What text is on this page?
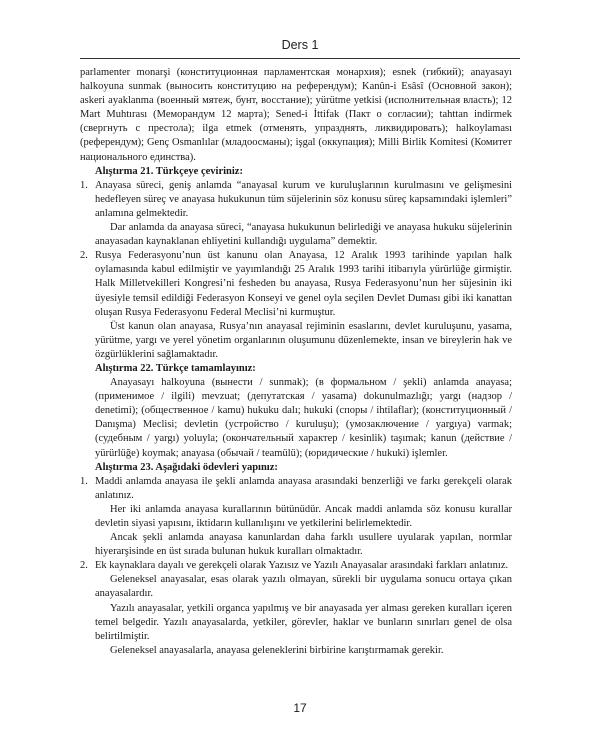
Ders 1

parlamenter monarşi (конституционная парламентская монархия); esnek (гибкий); anayasayı halkoyuna sunmak (выносить конституцию на референдум); Kanûn-i Esâsî (Основной закон); askeri ayaklanma (военный мятеж, бунт, восстание); yürütme yetkisi (исполнительная власть); 12 Mart Muhtırası (Меморандум 12 марта); Sened-i İttifak (Пакт о согласии); tahttan indirmek (свергнуть с престола); ilga etmek (отменять, упразднять, ликвидировать); halkoylaması (референдум); Genç Osmanlılar (младоосманы); işgal (оккупация); Milli Birlik Komitesi (Комитет национального единства).

Alıştırma 21. Türkçeye çeviriniz:

1. Anayasa süreci, geniş anlamda “anayasal kurum ve kuruluşlarının kurulmasını ve gelişmesini hedefleyen süreç ve anayasa hukukunun tüm süjelerinin söz konusu süreç kapsamındaki işlemleri” anlamına gelmektedir.

Dar anlamda da anayasa süreci, “anayasa hukukunun belirlediği ve anayasa hukuku süjelerinin anayasadan kaynaklanan ehliyetini kullandığı uygulama” demektir.

2. Rusya Federasyonu’nun üst kanunu olan Anayasa, 12 Aralık 1993 tarihinde yapılan halk oylamasında kabul edilmiştir ve yayımlandığı 25 Aralık 1993 tarihi itibarıyla yürürlüğe girmiştir. Halk Milletvekilleri Kongresi’ni fesheden bu anayasa, Rusya Federasyonu’nun her süjesinin iki üyesiyle temsil edildiği Federasyon Konseyi ve genel oyla seçilen Devlet Duması gibi iki kanattan oluşan Rusya Federasyonu Federal Meclisi’ni kurmuştur.

Üst kanun olan anayasa, Rusya’nın anayasal rejiminin esaslarını, devlet kuruluşunu, yasama, yürütme, yargı ve yerel yönetim organlarının oluşumunu düzenlemekte, insan ve bireylerin hak ve özgürlüklerini sağlamaktadır.

Alıştırma 22. Türkçe tamamlayınız:

Anayasayı halkoyuna (вынести / sunmak); (в формальном / şekli) anlamda anayasa; (применимое / ilgili) mevzuat; (депутатская / yasama) dokunulmazlığı; yargı (надзор / denetimi); (общественное / kamu) hukuku dalı; hukuki (споры / ihtilaflar); (конституционный / Danışma) Meclisi; devletin (устройство / kuruluşu); (умозаключение / yargıya) varmak; (судебным / yargı) yoluyla; (окончательный характер / kesinlik) taşımak; kanun (действие / yürürlüğe) koymak; anayasa (обычай / teamülü); (юридические / hukuki) işlemler.

Alıştırma 23. Aşağıdaki ödevleri yapınız:

1. Maddi anlamda anayasa ile şekli anlamda anayasa arasındaki benzerliği ve farkı gerekçeli olarak anlatınız.

Her iki anlamda anayasa kurallarının bütünüdür. Ancak maddi anlamda söz konusu kurallar devletin siyasi yapısını, iktidarın kullanılışını ve yetkilerini belirlemektedir.

Ancak şekli anlamda anayasa kanunlardan daha farklı usullere uyularak yapılan, normlar hiyerarşisinde en üst sırada bulunan hukuk kuralları olmaktadır.

2. Ek kaynaklara dayalı ve gerekçeli olarak Yazısız ve Yazılı Anayasalar arasındaki farkları anlatınız.

Geleneksel anayasalar, esas olarak yazılı olmayan, sürekli bir uygulama sonucu ortaya çıkan anayasalardır.

Yazılı anayasalar, yetkili organca yapılmış ve bir anayasada yer alması gereken kuralları içeren temel belgedir. Yazılı anayasalarda, yetkiler, görevler, haklar ve bunların sınırları genel de olsa belirtilmiştir.

Geleneksel anayasalarla, anayasa geleneklerini birbirine karıştırmamak gerekir.

17
